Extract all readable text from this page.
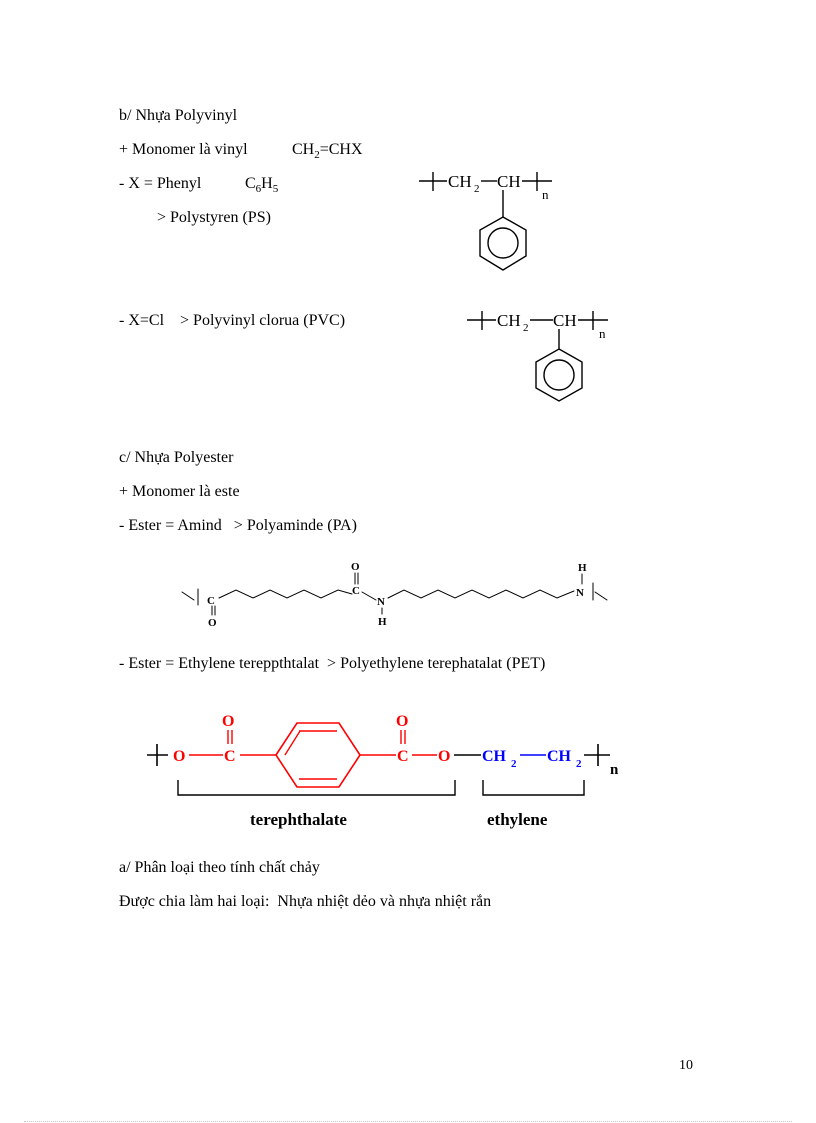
b/ Nhựa Polyvinyl
+ Monomer là vinyl	$CH_2=CHX$
- X = Phenyl	$C_6H_5$
> Polystyren (PS)
- X=Cl    > Polyvinyl clorua (PVC)
c/ Nhựa Polyester
+ Monomer là este
- Ester = Amind   > Polyaminde (PA)
- Ester = Ethylene tereppthtalat  > Polyethylene terephatalat (PET)
a/ Phân loại theo tính chất chảy
Được chia làm hai loại:  Nhựa nhiệt dẻo và nhựa nhiệt rắn
CH 2 CH
n
CH 2 CH
n
C
O
C
O
N
H
N
H
O C
O
C
O
O CH 2 CH 2 n
terephthalate	ethylene
10
